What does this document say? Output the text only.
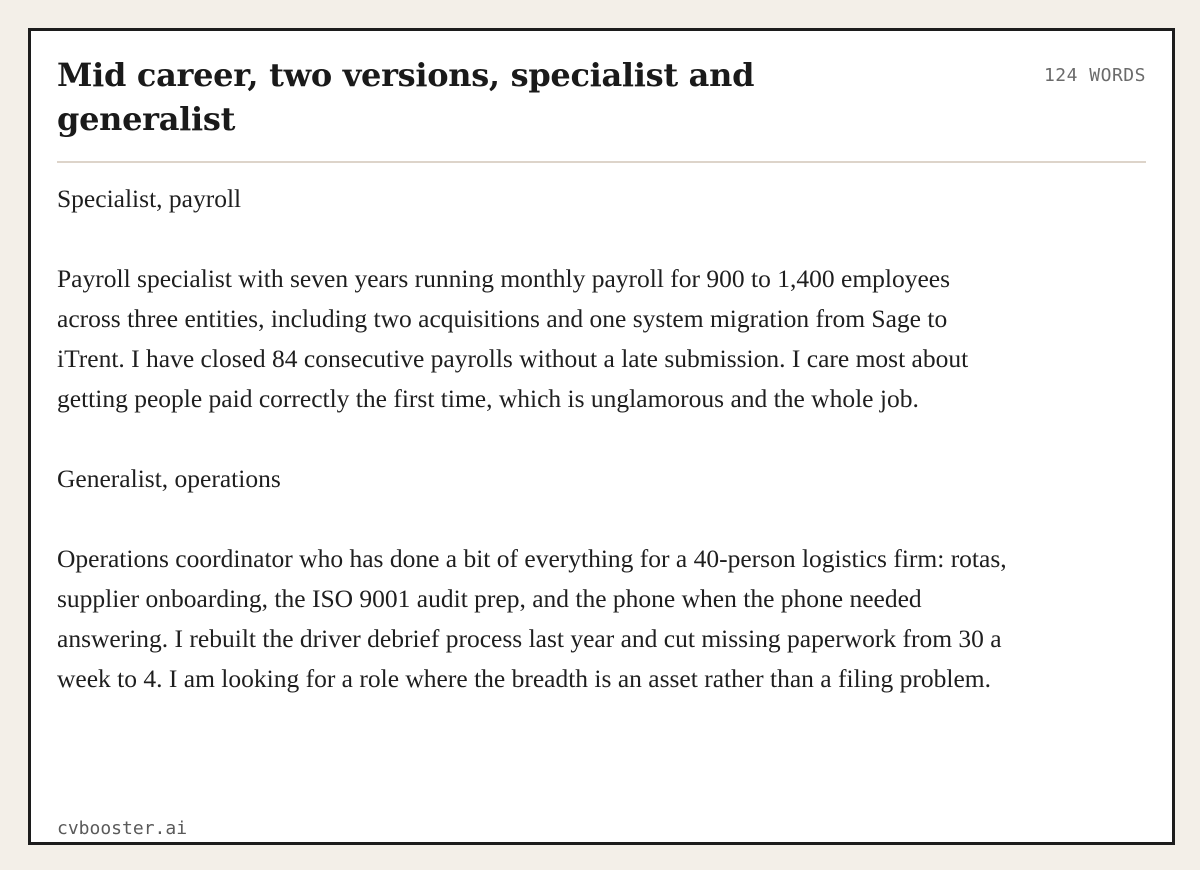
Mid career, two versions, specialist and generalist
124 WORDS

Specialist, payroll

Payroll specialist with seven years running monthly payroll for 900 to 1,400 employees across three entities, including two acquisitions and one system migration from Sage to iTrent. I have closed 84 consecutive payrolls without a late submission. I care most about getting people paid correctly the first time, which is unglamorous and the whole job.

Generalist, operations

Operations coordinator who has done a bit of everything for a 40-person logistics firm: rotas, supplier onboarding, the ISO 9001 audit prep, and the phone when the phone needed answering. I rebuilt the driver debrief process last year and cut missing paperwork from 30 a week to 4. I am looking for a role where the breadth is an asset rather than a filing problem.

cvbooster.ai
